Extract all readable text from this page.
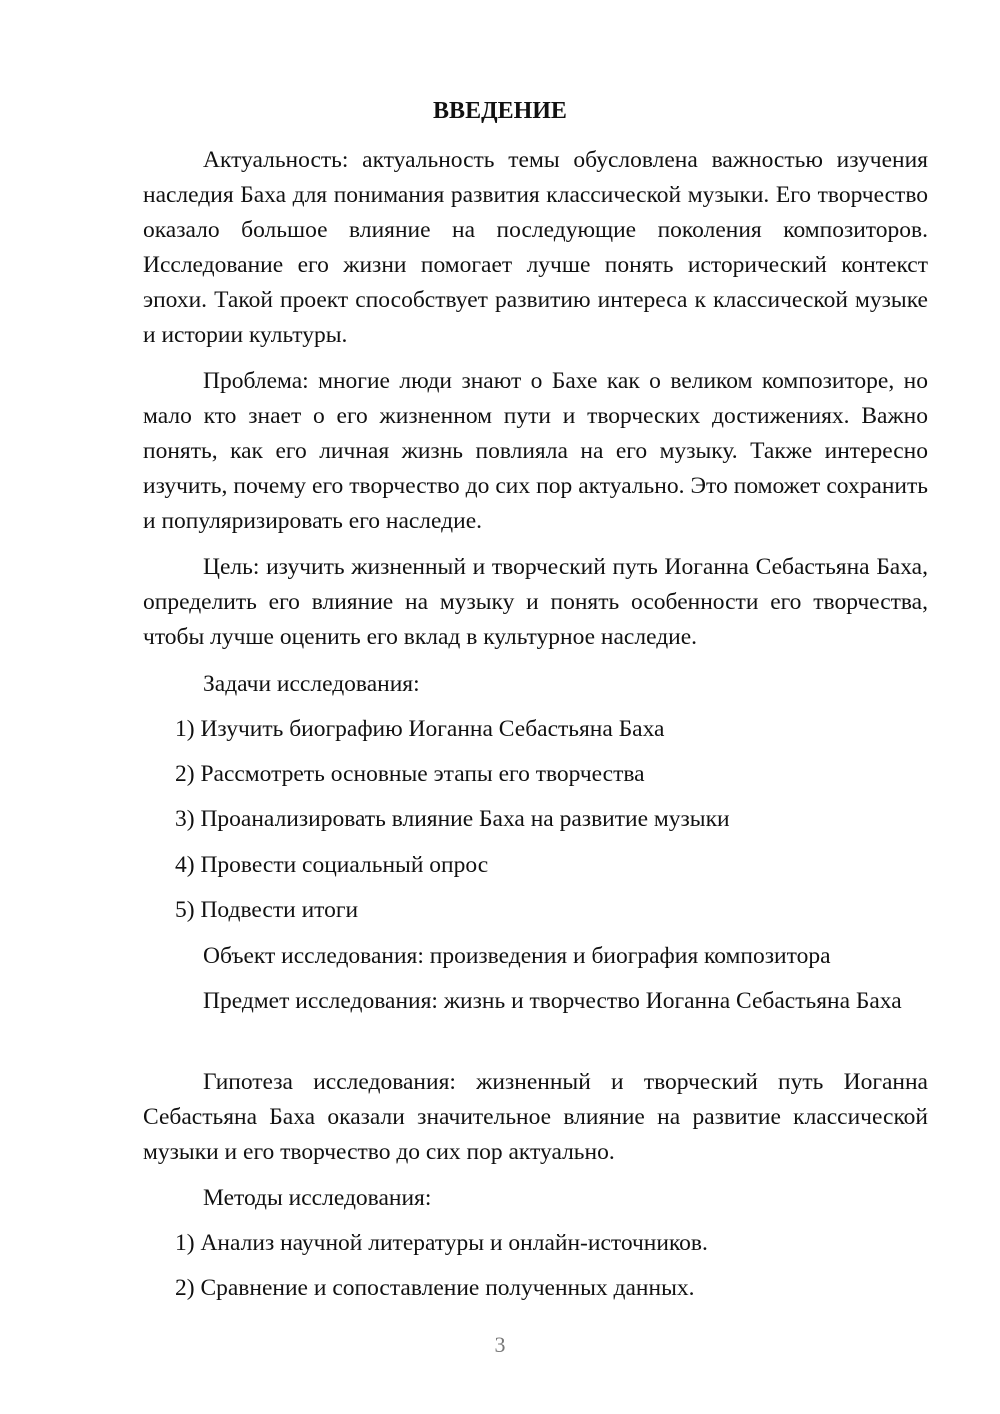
ВВЕДЕНИЕ

Актуальность: актуальность темы обусловлена важностью изучения наследия Баха для понимания развития классической музыки. Его творчество оказало большое влияние на последующие поколения композиторов. Исследование его жизни помогает лучше понять исторический контекст эпохи. Такой проект способствует развитию интереса к классической музыке и истории культуры.

Проблема: многие люди знают о Бахе как о великом композиторе, но мало кто знает о его жизненном пути и творческих достижениях. Важно понять, как его личная жизнь повлияла на его музыку. Также интересно изучить, почему его творчество до сих пор актуально. Это поможет сохранить и популяризировать его наследие.

Цель: изучить жизненный и творческий путь Иоганна Себастьяна Баха, определить его влияние на музыку и понять особенности его творчества, чтобы лучше оценить его вклад в культурное наследие.

Задачи исследования:

1) Изучить биографию Иоганна Себастьяна Баха

2) Рассмотреть основные этапы его творчества

3) Проанализировать влияние Баха на развитие музыки

4) Провести социальный опрос

5) Подвести итоги

Объект исследования: произведения и биография композитора

Предмет исследования: жизнь и творчество Иоганна Себастьяна Баха

Гипотеза исследования: жизненный и творческий путь Иоганна Себастьяна Баха оказали значительное влияние на развитие классической музыки и его творчество до сих пор актуально.

Методы исследования:

1) Анализ научной литературы и онлайн-источников.

2) Сравнение и сопоставление полученных данных.

3
